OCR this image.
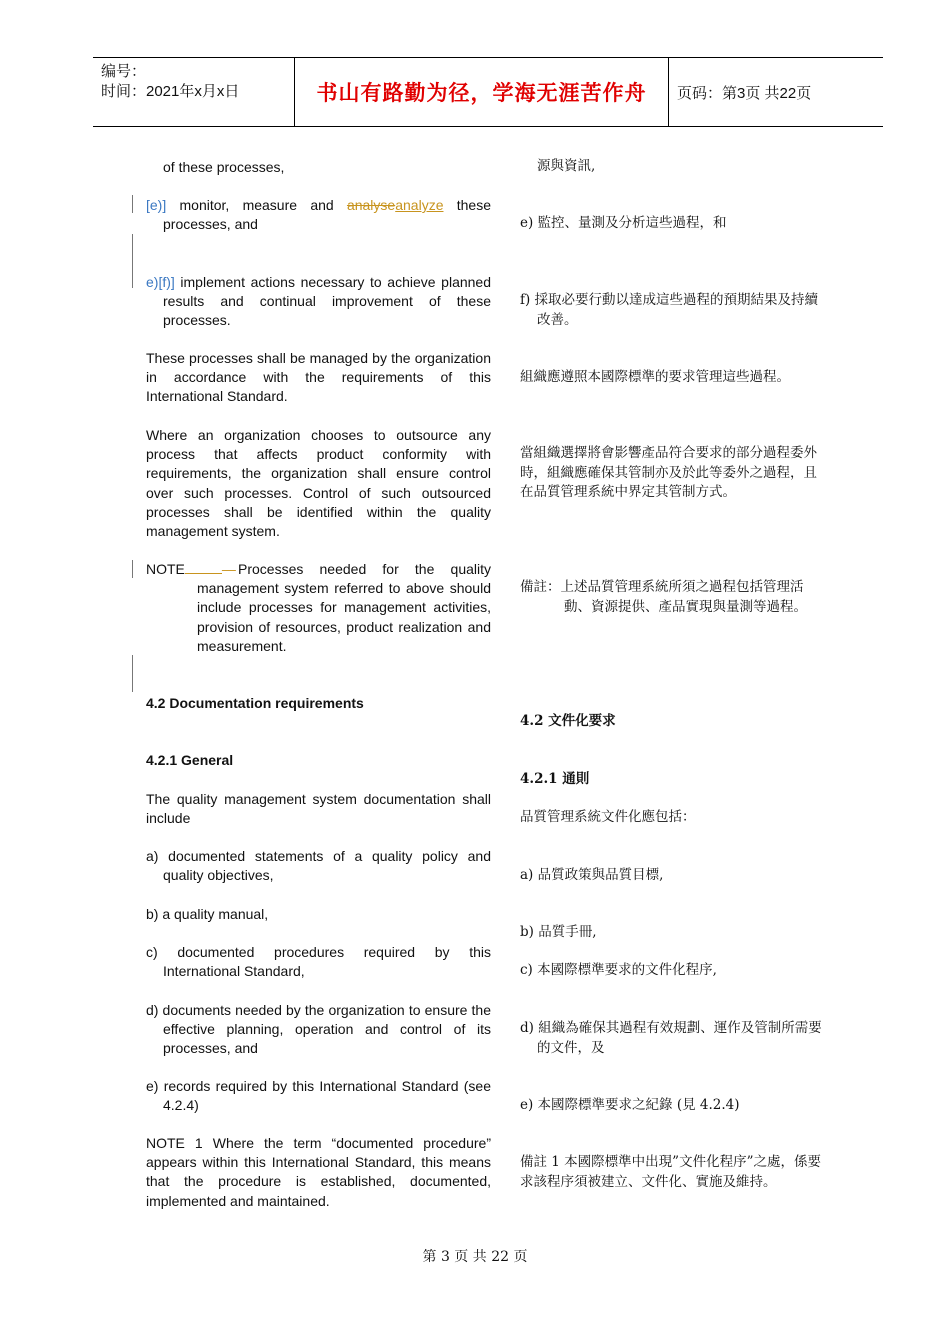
编号：
时间：2021年x月x日	书山有路勤为径，学海无涯苦作舟	页码：第3页 共22页
of these processes,
[e)] monitor, measure and analyseanalyze these processes, and
e)[f)] implement actions necessary to achieve planned results and continual improvement of these processes.
These processes shall be managed by the organization in accordance with the requirements of this International Standard.
Where an organization chooses to outsource any process that affects product conformity with requirements, the organization shall ensure control over such processes. Control of such outsourced processes shall be identified within the quality management system.
NOTE	— Processes needed for the quality management system referred to above should include processes for management activities, provision of resources, product realization and measurement.
4.2 Documentation requirements
4.2.1 General
The quality management system documentation shall include
a) documented statements of a quality policy and quality objectives,
b) a quality manual,
c) documented procedures required by this International Standard,
d) documents needed by the organization to ensure the effective planning, operation and control of its processes, and
e) records required by this International Standard (see 4.2.4)
NOTE 1 Where the term “documented procedure” appears within this International Standard, this means that the procedure is established, documented, implemented and maintained.
源與資訊,
e) 監控、量測及分析這些過程，和
f) 採取必要行動以達成這些過程的預期結果及持續改善。
組織應遵照本國際標準的要求管理這些過程。
當組織選擇將會影響產品符合要求的部分過程委外時，組織應確保其管制亦及於此等委外之過程，且在品質管理系統中界定其管制方式。
備註：上述品質管理系統所須之過程包括管理活動、資源提供、產品實現與量測等過程。
4.2 文件化要求
4.2.1 通則
品質管理系統文件化應包括：
a) 品質政策與品質目標,
b) 品質手冊,
c) 本國際標準要求的文件化程序,
d) 組織為確保其過程有效規劃、運作及管制所需要的文件，及
e) 本國際標準要求之紀錄 (見 4.2.4)
備註 1 本國際標準中出現”文件化程序”之處，係要求該程序須被建立、文件化、實施及維持。
第 3 页 共 22 页
